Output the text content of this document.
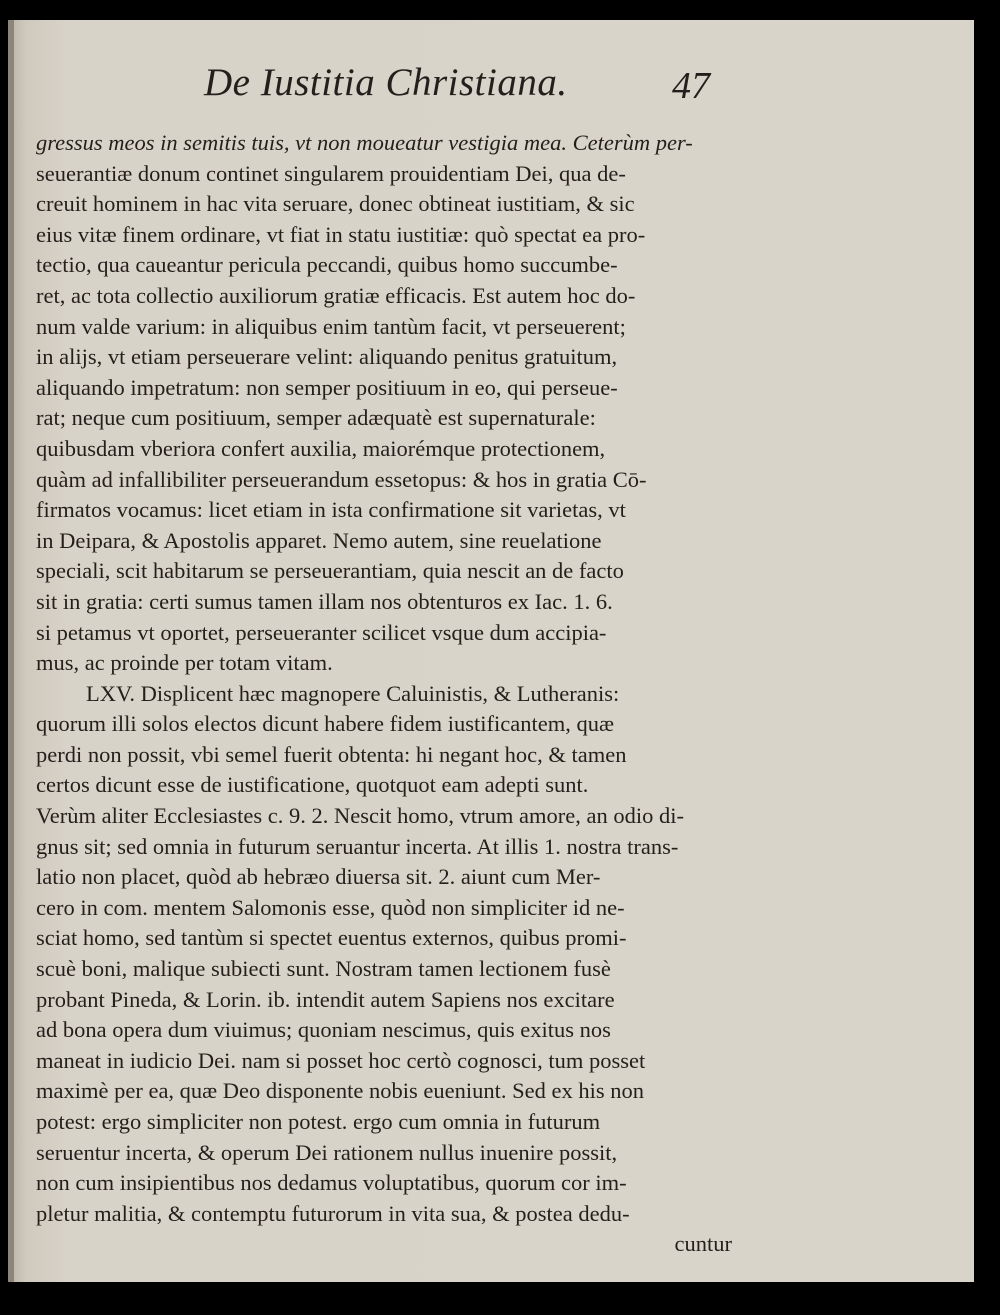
De Iustitia Christiana.	47
gressus meos in semitis tuis, vt non moueatur vestigia mea. Ceterùm per-
seuerantiæ donum continet singularem prouidentiam Dei, qua de-
creuit hominem in hac vita seruare, donec obtineat iustitiam, & sic
eius vitæ finem ordinare, vt fiat in statu iustitiæ: quò spectat ea pro-
tectio, qua caueantur pericula peccandi, quibus homo succumbe-
ret, ac tota collectio auxiliorum gratiæ efficacis. Est autem hoc do-
num valde varium: in aliquibus enim tantùm facit, vt perseuerent;
in alijs, vt etiam perseuerare velint: aliquando penitus gratuitum,
aliquando impetratum: non semper positiuum in eo, qui perseue-
rat; neque cum positiuum, semper adæquatè est supernaturale:
quibusdam vberiora confert auxilia, maiorémque protectionem,
quàm ad infallibiliter perseuerandum essetopus: & hos in gratia Cō-
firmatos vocamus: licet etiam in ista confirmatione sit varietas, vt
in Deipara, & Apostolis apparet. Nemo autem, sine reuelatione
speciali, scit habitarum se perseuerantiam, quia nescit an de facto
sit in gratia: certi sumus tamen illam nos obtenturos ex Iac. 1. 6.
si petamus vt oportet, perseueranter scilicet vsque dum accipia-
mus, ac proinde per totam vitam.
LXV. Displicent hæc magnopere Caluinistis, & Lutheranis:
quorum illi solos electos dicunt habere fidem iustificantem, quæ
perdi non possit, vbi semel fuerit obtenta: hi negant hoc, & tamen
certos dicunt esse de iustificatione, quotquot eam adepti sunt.
Verùm aliter Ecclesiastes c. 9. 2. Nescit homo, vtrum amore, an odio di-
gnus sit; sed omnia in futurum seruantur incerta. At illis 1. nostra trans-
latio non placet, quòd ab hebræo diuersa sit. 2. aiunt cum Mer-
cero in com. mentem Salomonis esse, quòd non simpliciter id ne-
sciat homo, sed tantùm si spectet euentus externos, quibus promi-
scuè boni, malique subiecti sunt. Nostram tamen lectionem fusè
probant Pineda, & Lorin. ib. intendit autem Sapiens nos excitare
ad bona opera dum viuimus; quoniam nescimus, quis exitus nos
maneat in iudicio Dei. nam si posset hoc certò cognosci, tum posset
maximè per ea, quæ Deo disponente nobis eueniunt. Sed ex his non
potest: ergo simpliciter non potest. ergo cum omnia in futurum
seruentur incerta, & operum Dei rationem nullus inuenire possit,
non cum insipientibus nos dedamus voluptatibus, quorum cor im-
pletur malitia, & contemptu futurorum in vita sua, & postea dedu-
cuntur
